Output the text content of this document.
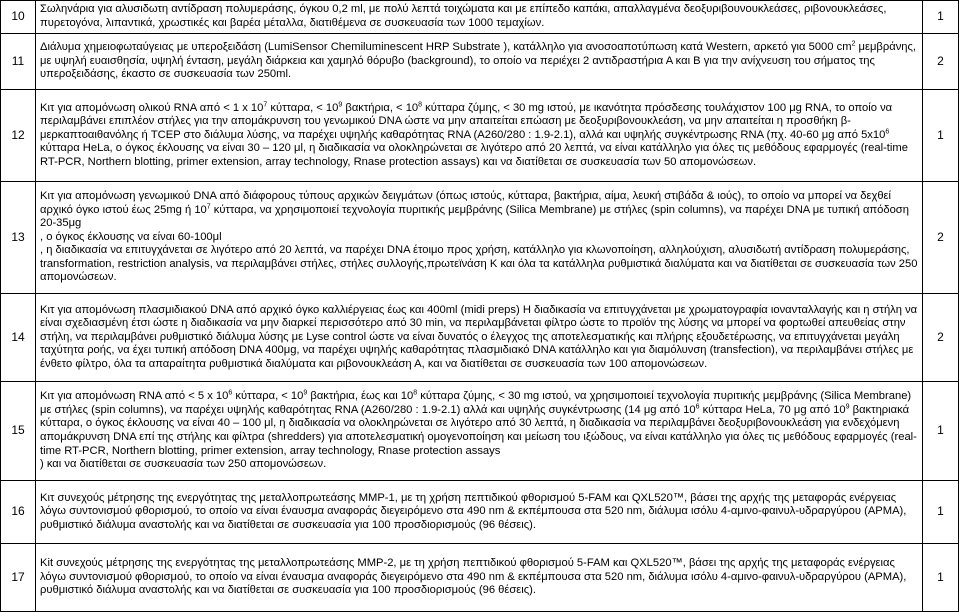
10	Σωληνάρια για αλυσιδωτη αντίδραση πολυμεράσης, όγκου 0,2 ml, με πολύ λεπτά τοιχώματα και με επίπεδο καπάκι, απαλλαγμένα δεοξυριβουνουκλεάσες, ριβονουκλεάσες, πυρετογόνα, λιπαντικά, χρωστικές και βαρέα μέταλλα, διατιθέμενα σε συσκευασία των 1000 τεμαχίων.	1
11	Διάλυμα χημειοφωταύγειας με υπεροξειδάση (LumiSensor Chemiluminescent HRP Substrate ), κατάλληλο για ανοσοαποτύπωση κατά Western, αρκετό για 5000 $cm^2$ μεμβράνης, με υψηλή ευαισθησία, υψηλή ένταση, μεγάλη διάρκεια και χαμηλό θόρυβο (background), το οποίο να περιέχει 2 αντιδραστήρια Α και Β για την ανίχνευση του σήματος της υπεροξειδάσης, έκαστο σε συσκευασία των 250ml.	2
12	Κιτ για απομόνωση ολικού RNA από < 1 x $10^7$ κύτταρα, < $10^9$ βακτήρια, < $10^8$ κύτταρα ζύμης, < 30 mg ιστού, με ικανότητα πρόσδεσης τουλάχιστον 100 μg RNA, το οποίο να περιλαμβάνει επιπλέον στήλες για την απομάκρυνση του γενωμικού DNA ώστε να μην απαιτείται επώαση με δεοξυριβονουκλεάση, να μην απαιτείται η προσθήκη β-μερκαπτοαιθανόλης ή TCEP στο διάλυμα λύσης, να παρέχει υψηλής καθαρότητας RNA (A260/280 : 1.9-2.1), αλλά και υψηλής συγκέντρωσης RNA (πχ. 40-60 μg από $5x10^6$ κύτταρα HeLa, ο όγκος έκλουσης να είναι 30 – 120 μl, η διαδικασία να ολοκληρώνεται σε λιγότερο από 20 λεπτά, να είναι κατάλληλο για όλες τις μεθόδους εφαρμογές (real-time RT-PCR, Northern blotting, primer extension, array technology, Rnase protection assays) και να διατίθεται σε συσκευασία των 50 απομονώσεων.	1
13	Κιτ για απομόνωση γενωμικού DNA από διάφορους τύπους αρχικών δειγμάτων (όπως ιστούς, κύτταρα, βακτήρια, αίμα, λευκή στιβάδα & ιούς), το οποίο να μπορεί να δεχθεί αρχικό όγκο ιστού έως 25mg ή $10^7$ κύτταρα, να χρησιμοποιεί τεχνολογία πυριτικής μεμβράνης (Silica Membrane) με στήλες (spin columns), να παρέχει DNA με τυπική απόδοση 20-35μg

, ο όγκος έκλουσης να είναι 60-100μl

, η διαδικασία να επιτυγχάνεται σε λιγότερο από 20 λεπτά, να παρέχει DNA έτοιμο προς χρήση, κατάλληλο για κλωνοποίηση, αλληλούχιση, αλυσιδωτή αντίδραση πολυμεράσης, transformation, restriction analysis, να περιλαμβάνει στήλες, στήλες συλλογής,πρωτεϊνάση Κ και όλα τα κατάλληλα ρυθμιστικά διαλύματα και να διατίθεται σε συσκευασία των 250 απομονώσεων.	2
14	Κιτ για απομόνωση πλασμιδιακού DNA από αρχικό όγκο καλλιέργειας έως και 400ml (midi preps) Η διαδικασία να επιτυγχάνεται με χρωματογραφία ιονανταλλαγής και η στήλη να είναι σχεδιασμένη έτσι ώστε η διαδικασία να μην διαρκεί περισσότερο από 30 min, να περιλαμβάνεται φίλτρο ώστε το προϊόν της λύσης να μπορεί να φορτωθεί απευθείας στην στήλη, να περιλαμβάνει ρυθμιστικό διάλυμα λύσης με Lyse control ώστε να είναι δυνατός ο έλεγχος της αποτελεσματικής και πλήρης εξουδετέρωσης, να επιτυγχάνεται μεγάλη ταχύτητα ροής, να έχει τυπική απόδοση DNA 400μg, να παρέχει υψηλής καθαρότητας πλασμιδιακό DNA κατάλληλο και για διαμόλυνση (transfection), να περιλαμβάνει στήλες με ένθετο φίλτρο, όλα τα απαραίτητα ρυθμιστικά διαλύματα και ριβονουκλεάση Α, και να διατίθεται σε συσκευασία των 100 απομονώσεων.	2
15	Κιτ για απομόνωση RNA από < 5 x $10^6$ κύτταρα, < $10^9$ βακτήρια, έως και $10^8$ κύτταρα ζύμης, < 30 mg ιστού, να χρησιμοποιεί τεχνολογία πυριτικής μεμβράνης (Silica Membrane) με στήλες (spin columns), να παρέχει υψηλής καθαρότητας RNA (A260/280 : 1.9-2.1) αλλά και υψηλής συγκέντρωσης (14 μg από $10^6$ κύτταρα HeLa, 70 μg από $10^9$ βακτηριακά κύτταρα, ο όγκος έκλουσης να είναι 40 – 100 μl, η διαδικασία να ολοκληρώνεται σε λιγότερο από 30 λεπτά, η διαδικασία να περιλαμβάνει δεοξυριβονουκλεάση για ενδεχόμενη απομάκρυνση DNA επί της στήλης και φίλτρα (shredders) για αποτελεσματική ομογενοποίηση και μείωση του ιξώδους, να είναι κατάλληλο για όλες τις μεθόδους εφαρμογές (real-time RT-PCR, Northern blotting, primer extension, array technology, Rnase protection assays

) και να διατίθεται σε συσκευασία των 250 απομονώσεων.	1
16	Κιτ συνεχούς μέτρησης της ενεργότητας της μεταλλοπρωτεάσης MMP-1, με τη χρήση πεπτιδικού φθορισμού 5-FAM και QXL520™, βάσει της αρχής της μεταφοράς ενέργειας λόγω συντονισμού φθορισμού, το οποίο να είναι έναυσμα αναφοράς διεγειρόμενο στα 490 nm & εκπέμπουσα στα 520 nm, διάλυμα ισόλυ 4-αμινο-φαινυλ-υδραργύρου (APMA), ρυθμιστικό διάλυμα αναστολής και να διατίθεται σε συσκευασία για 100 προσδιορισμούς (96 θέσεις).	1
17	Κit συνεχούς μέτρησης της ενεργότητας της μεταλλοπρωτεάσης MMP-2, με τη χρήση πεπτιδικού φθορισμού 5-FAM και QXL520™, βάσει της αρχής της μεταφοράς ενέργειας λόγω συντονισμού φθορισμού, το οποίο να είναι έναυσμα αναφοράς διεγειρόμενο στα 490 nm & εκπέμπουσα στα 520 nm, διάλυμα ισόλυ 4-αμινο-φαινυλ-υδραργύρου (APMA), ρυθμιστικό διάλυμα αναστολής και να διατίθεται σε συσκευασία για 100 προσδιορισμούς (96 θέσεις).	1
